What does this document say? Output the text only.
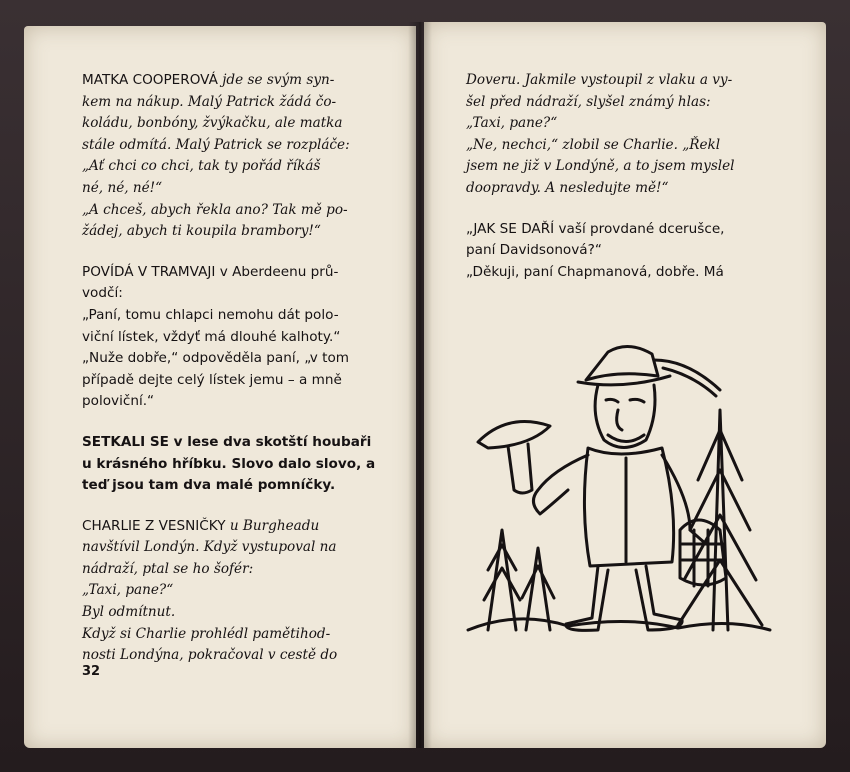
MATKA COOPEROVÁ jde se svým syn-

kem na nákup. Malý Patrick žádá čo-

koládu, bonbóny, žvýkačku, ale matka

stále odmítá. Malý Patrick se rozpláče:

„Ať chci co chci, tak ty pořád říkáš

né, né, né!“

„A chceš, abych řekla ano? Tak mě po-

žádej, abych ti koupila brambory!“

POVÍDÁ V TRAMVAJI v Aberdeenu prů-

vodčí:

„Paní, tomu chlapci nemohu dát polo-

viční lístek, vždyť má dlouhé kalhoty.“

„Nuže dobře,“ odpověděla paní, „v tom

případě dejte celý lístek jemu – a mně

poloviční.“

SETKALI SE v lese dva skotští houbaři

u krásného hříbku. Slovo dalo slovo, a

teď jsou tam dva malé pomníčky.

CHARLIE Z VESNIČKY u Burgheadu

navštívil Londýn. Když vystupoval na

nádraží, ptal se ho šofér:

„Taxi, pane?“

Byl odmítnut.

Když si Charlie prohlédl pamětihod-

nosti Londýna, pokračoval v cestě do

32

Doveru. Jakmile vystoupil z vlaku a vy-

šel před nádraží, slyšel známý hlas:

„Taxi, pane?“

„Ne, nechci,“ zlobil se Charlie. „Řekl

jsem ne již v Londýně, a to jsem myslel

doopravdy. A nesledujte mě!“

„JAK SE DAŘÍ vaší provdané dcerušce,

paní Davidsonová?“

„Děkuji, paní Chapmanová, dobře. Má
